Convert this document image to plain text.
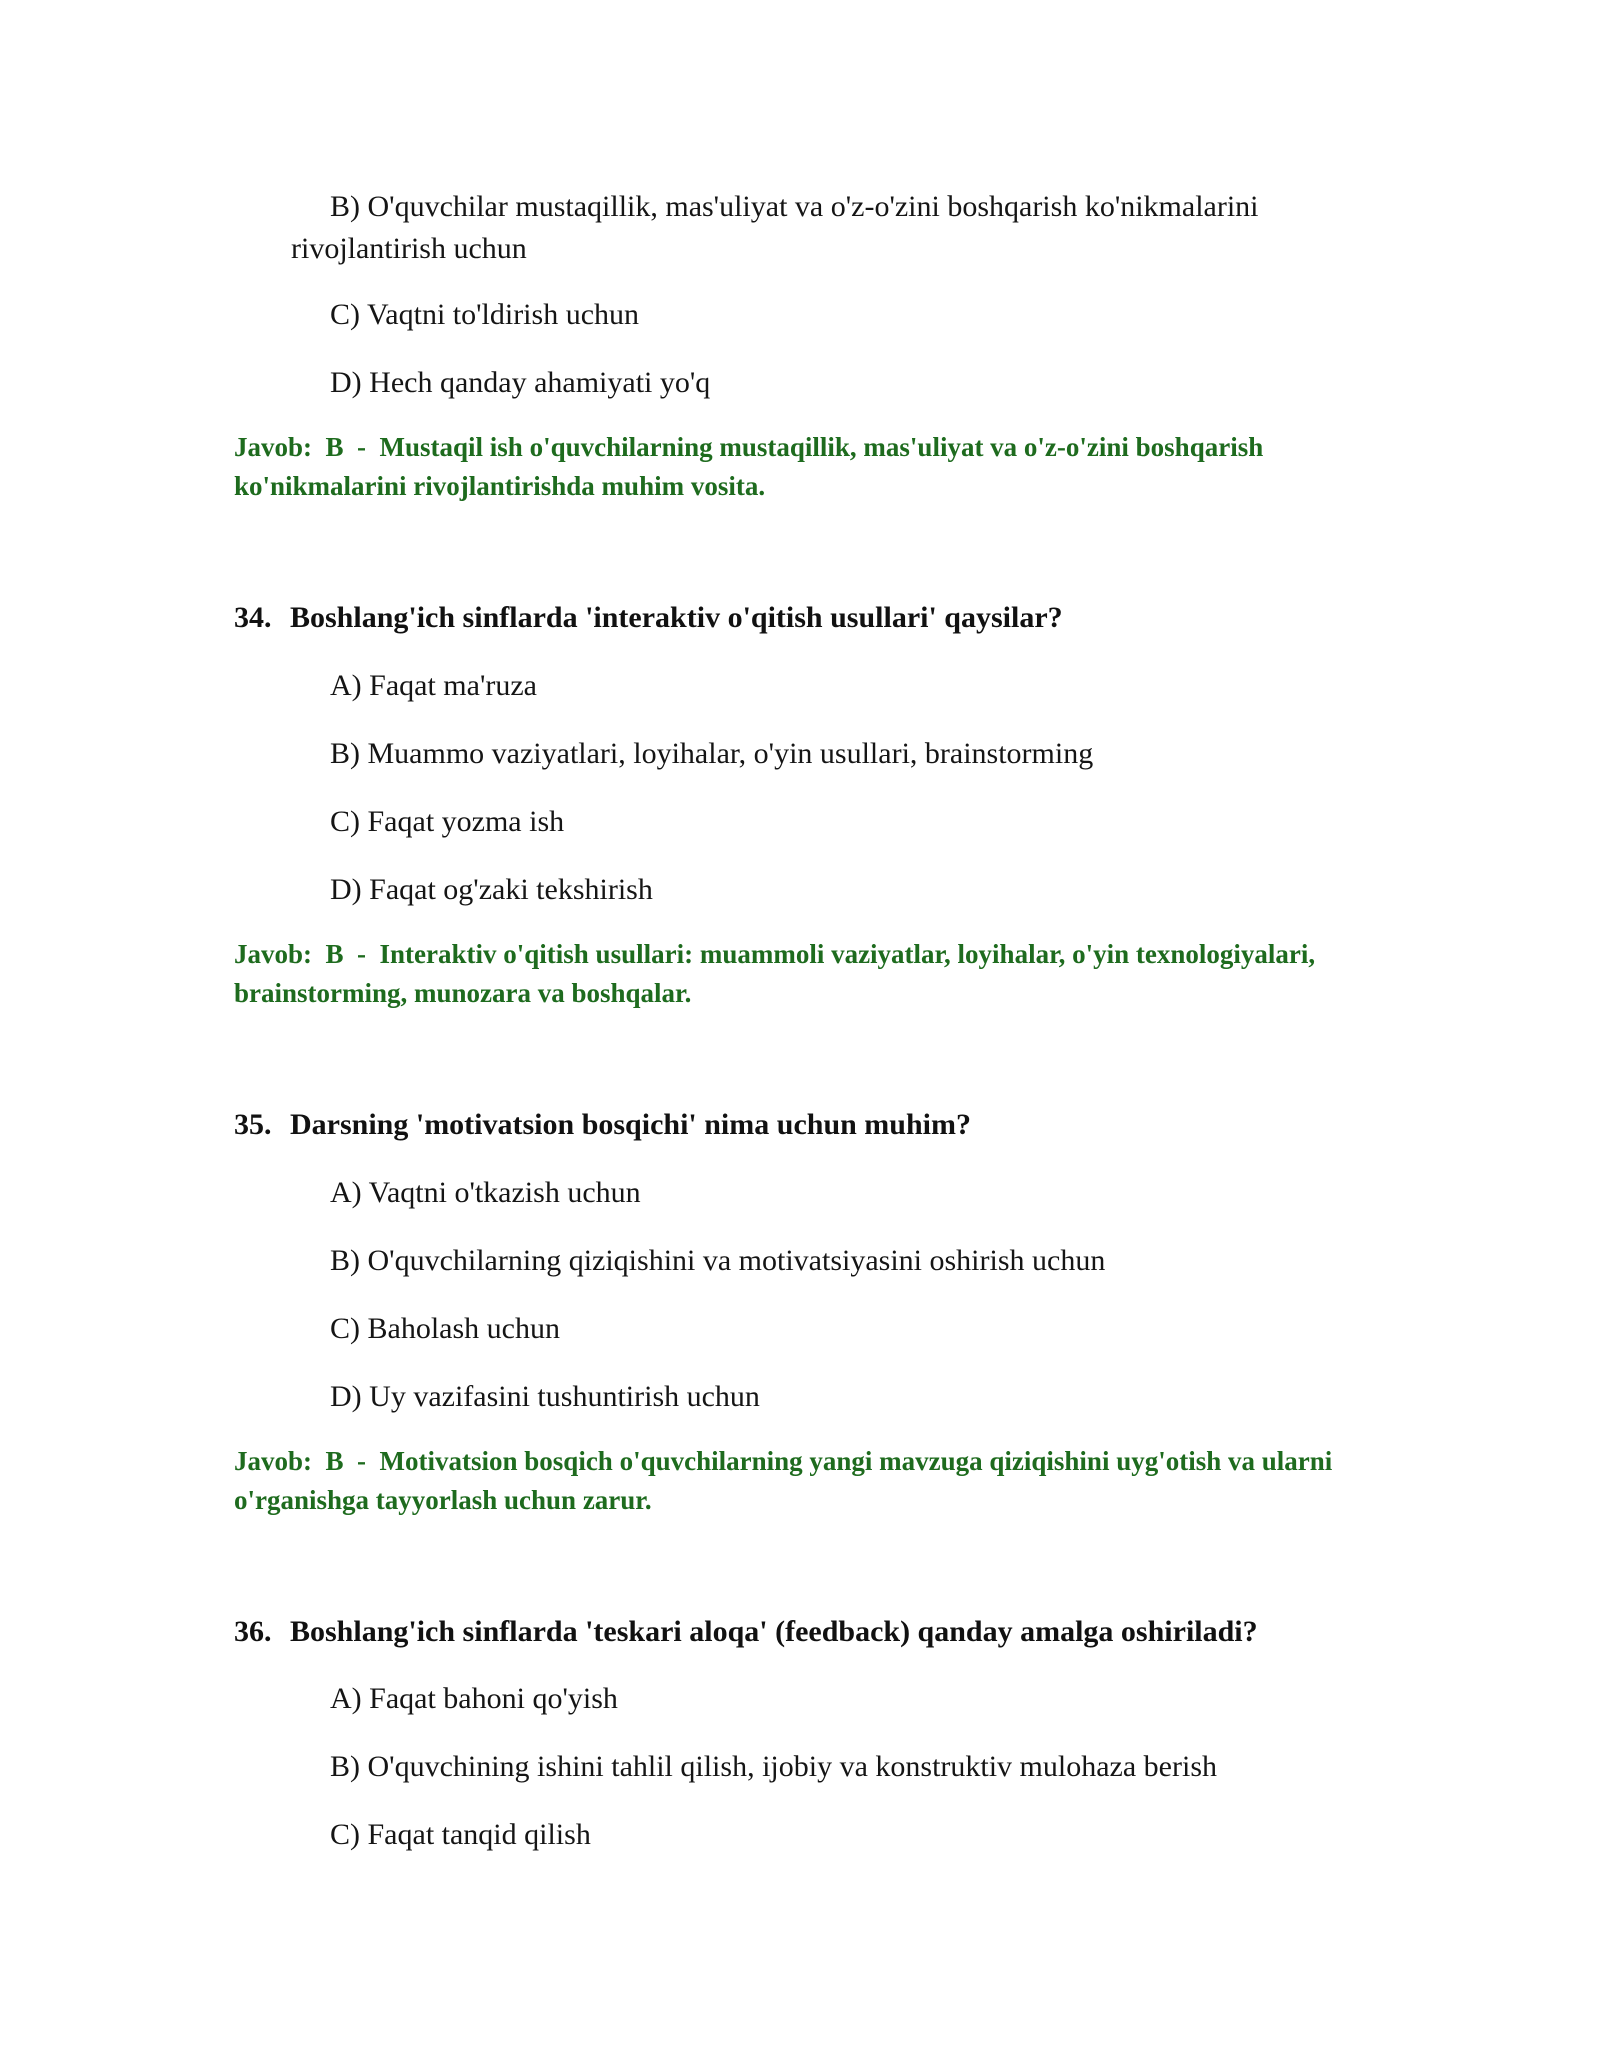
B) O'quvchilar mustaqillik, mas'uliyat va o'z-o'zini boshqarish ko'nikmalarini rivojlantirish uchun
C) Vaqtni to'ldirish uchun
D) Hech qanday ahamiyati yo'q
Javob: B - Mustaqil ish o'quvchilarning mustaqillik, mas'uliyat va o'z-o'zini boshqarish ko'nikmalarini rivojlantirishda muhim vosita.
34. Boshlang'ich sinflarda 'interaktiv o'qitish usullari' qaysilar?
A) Faqat ma'ruza
B) Muammo vaziyatlari, loyihalar, o'yin usullari, brainstorming
C) Faqat yozma ish
D) Faqat og'zaki tekshirish
Javob: B - Interaktiv o'qitish usullari: muammoli vaziyatlar, loyihalar, o'yin texnologiyalari, brainstorming, munozara va boshqalar.
35. Darsning 'motivatsion bosqichi' nima uchun muhim?
A) Vaqtni o'tkazish uchun
B) O'quvchilarning qiziqishini va motivatsiyasini oshirish uchun
C) Baholash uchun
D) Uy vazifasini tushuntirish uchun
Javob: B - Motivatsion bosqich o'quvchilarning yangi mavzuga qiziqishini uyg'otish va ularni o'rganishga tayyorlash uchun zarur.
36. Boshlang'ich sinflarda 'teskari aloqa' (feedback) qanday amalga oshiriladi?
A) Faqat bahoni qo'yish
B) O'quvchining ishini tahlil qilish, ijobiy va konstruktiv mulohaza berish
C) Faqat tanqid qilish
